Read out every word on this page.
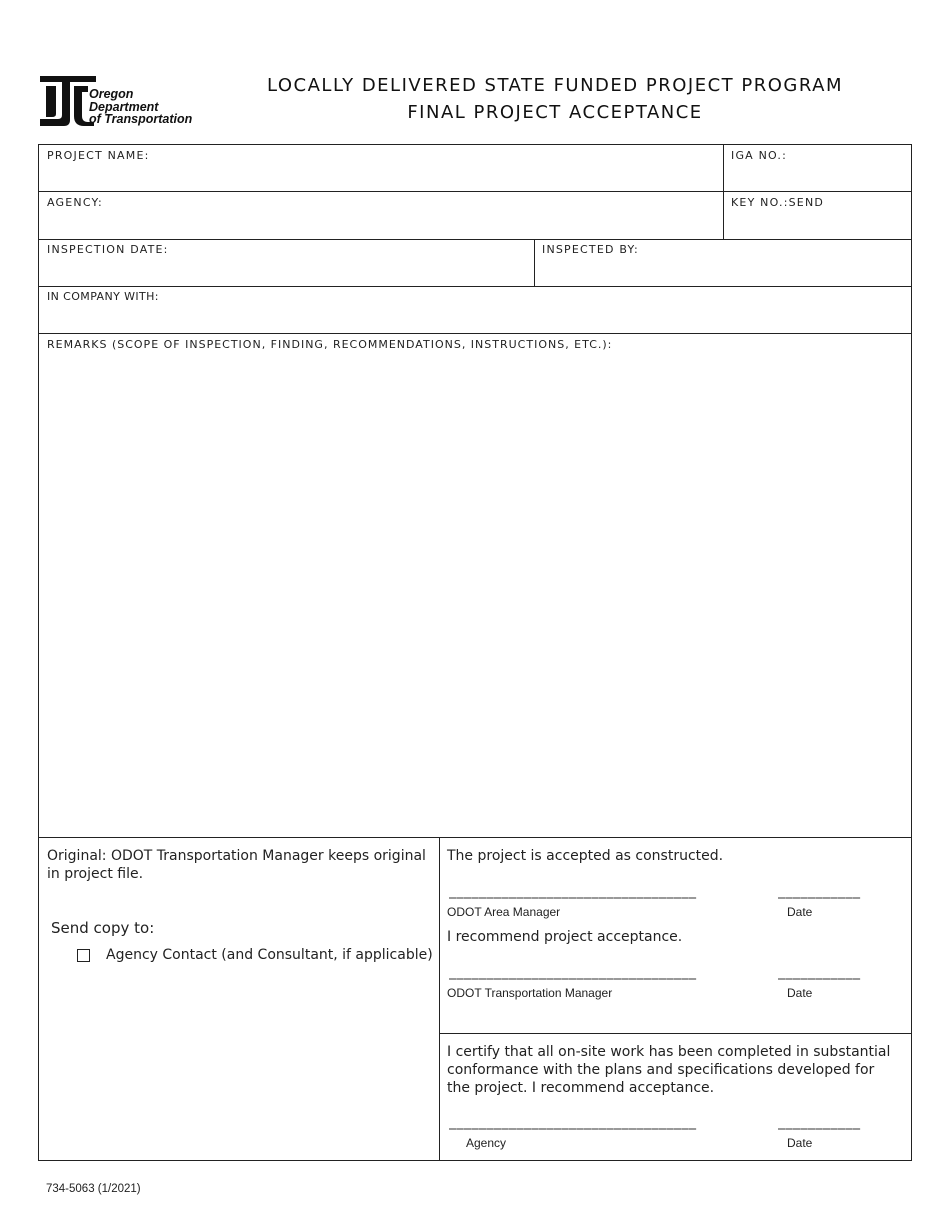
Oregon
Department
of Transportation
LOCALLY DELIVERED STATE FUNDED PROJECT PROGRAM
FINAL PROJECT ACCEPTANCE
PROJECT NAME:	IGA NO.:
AGENCY:	KEY NO.:SEND
INSPECTION DATE:	INSPECTED BY:
IN COMPANY WITH:
REMARKS (SCOPE OF INSPECTION, FINDING, RECOMMENDATIONS, INSTRUCTIONS, ETC.):
Original: ODOT Transportation Manager keeps original in project file.
Send copy to:
Agency Contact (and Consultant, if applicable)
The project is accepted as constructed.
_________________________________	___________
ODOT Area Manager	Date
I recommend project acceptance.
_________________________________	___________
ODOT Transportation Manager	Date
I certify that all on-site work has been completed in substantial conformance with the plans and specifications developed for the project. I recommend acceptance.
_________________________________	___________
Agency	Date
734-5063 (1/2021)
